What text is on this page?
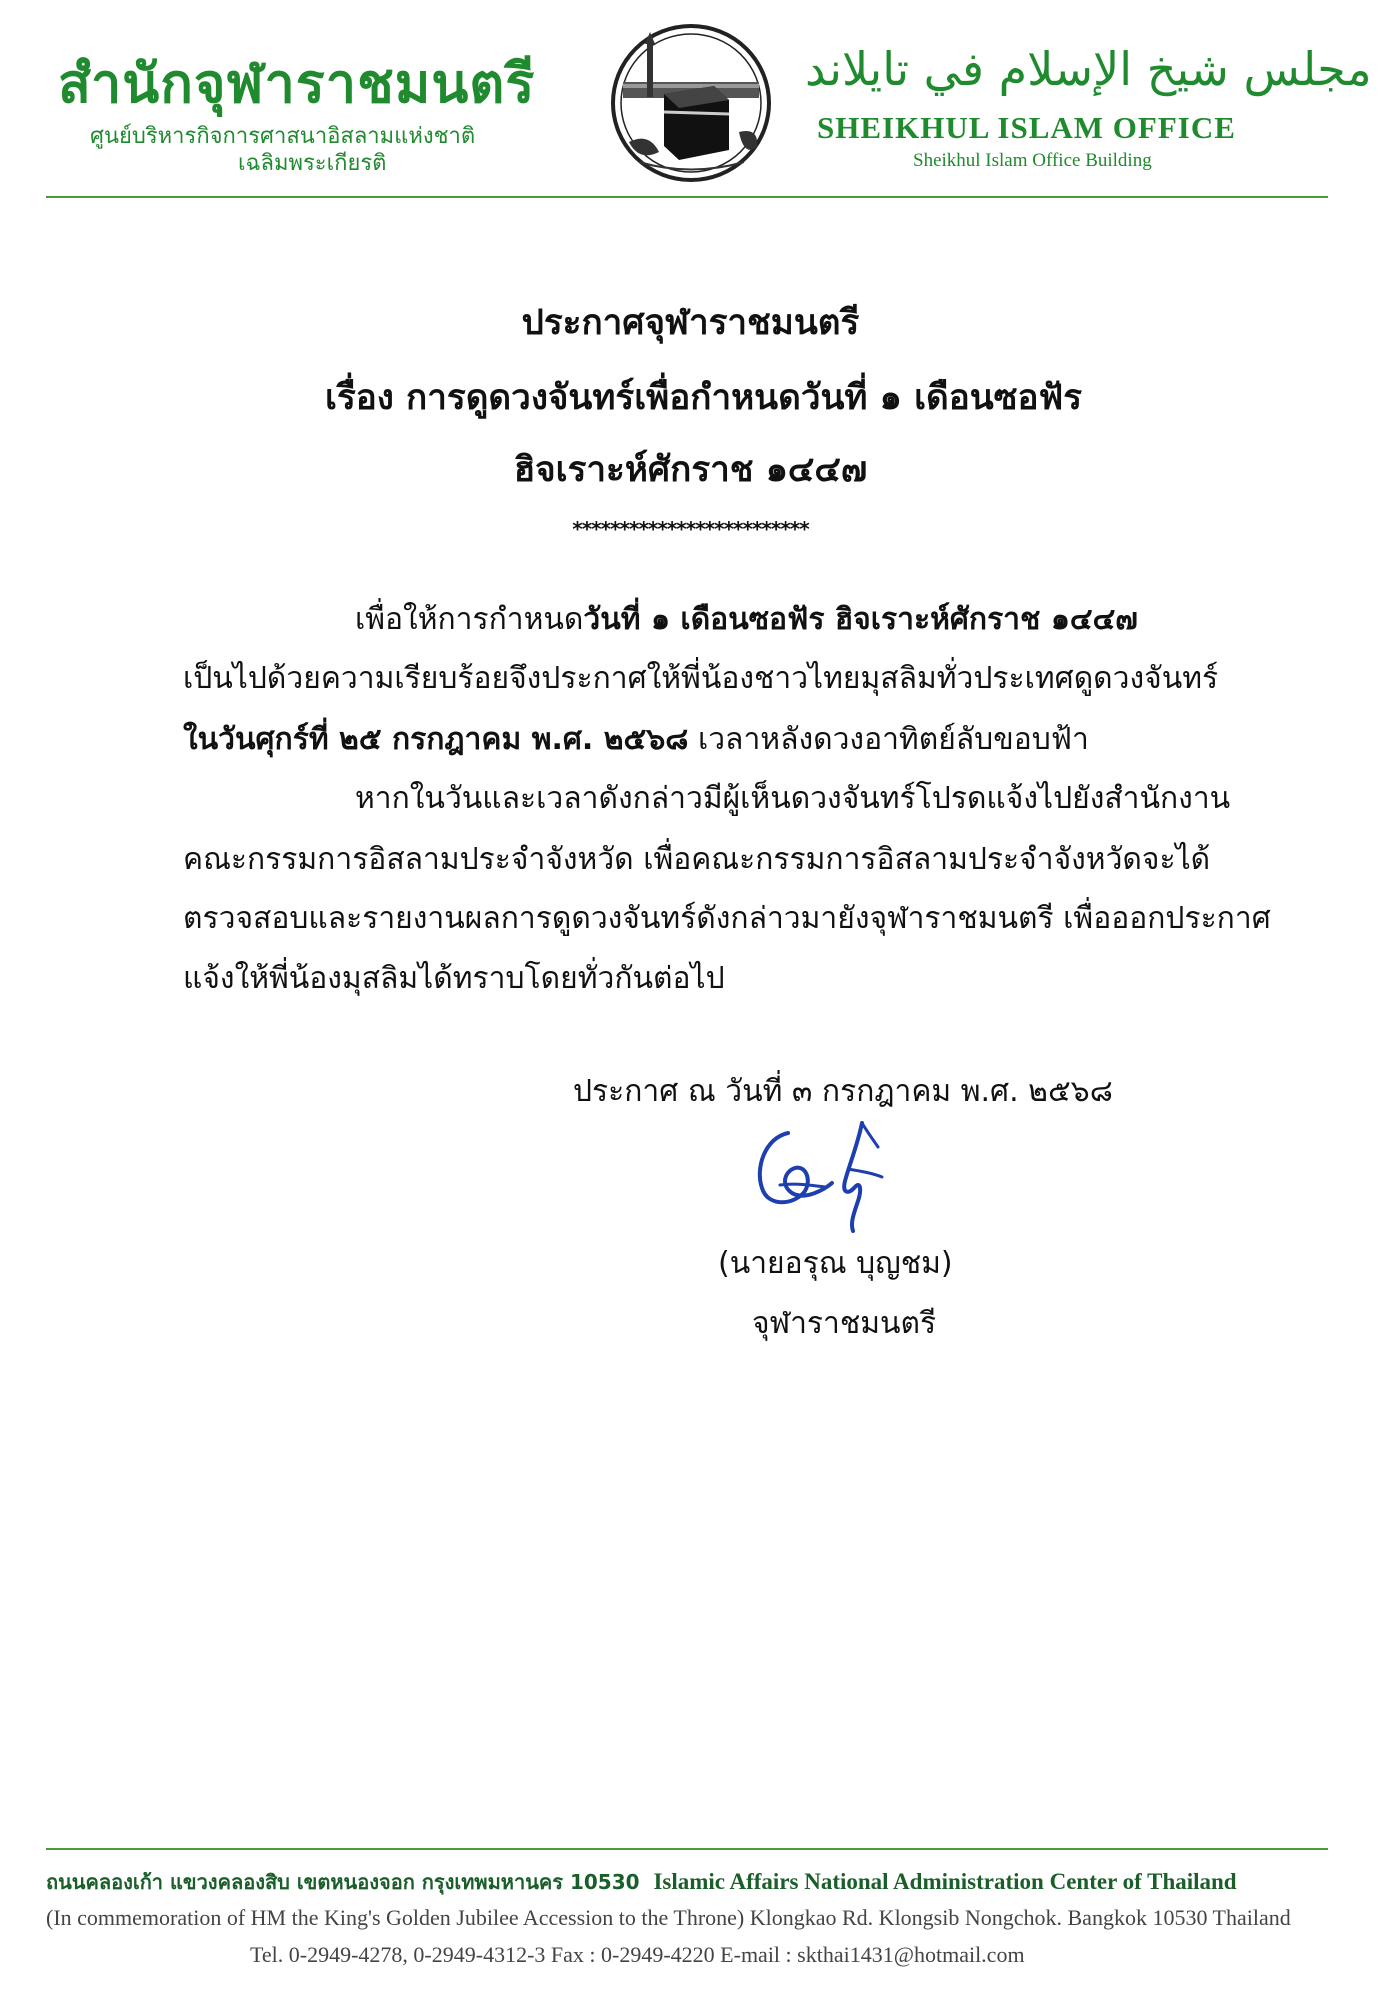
สำนักจุฬาราชมนตรี
ศูนย์บริหารกิจการศาสนาอิสลามแห่งชาติ
เฉลิมพระเกียรติ
مجلس شيخ الإسلام في تايلاند
SHEIKHUL ISLAM OFFICE
Sheikhul Islam Office Building
ประกาศจุฬาราชมนตรี
เรื่อง การดูดวงจันทร์เพื่อกำหนดวันที่ ๑ เดือนซอฟัร
ฮิจเราะห์ศักราช ๑๔๔๗
*************************
เพื่อให้การกำหนดวันที่ ๑ เดือนซอฟัร ฮิจเราะห์ศักราช ๑๔๔๗
เป็นไปด้วยความเรียบร้อยจึงประกาศให้พี่น้องชาวไทยมุสลิมทั่วประเทศดูดวงจันทร์
ในวันศุกร์ที่ ๒๕ กรกฎาคม พ.ศ. ๒๕๖๘ เวลาหลังดวงอาทิตย์ลับขอบฟ้า
หากในวันและเวลาดังกล่าวมีผู้เห็นดวงจันทร์โปรดแจ้งไปยังสำนักงาน
คณะกรรมการอิสลามประจำจังหวัด เพื่อคณะกรรมการอิสลามประจำจังหวัดจะได้
ตรวจสอบและรายงานผลการดูดวงจันทร์ดังกล่าวมายังจุฬาราชมนตรี เพื่อออกประกาศ
แจ้งให้พี่น้องมุสลิมได้ทราบโดยทั่วกันต่อไป
ประกาศ ณ วันที่ ๓ กรกฎาคม พ.ศ. ๒๕๖๘
(นายอรุณ บุญชม)
จุฬาราชมนตรี
ถนนคลองเก้า แขวงคลองสิบ เขตหนองจอก กรุงเทพมหานคร 10530 Islamic Affairs National Administration Center of Thailand
(In commemoration of HM the King's Golden Jubilee Accession to the Throne) Klongkao Rd. Klongsib Nongchok. Bangkok 10530 Thailand
Tel. 0-2949-4278, 0-2949-4312-3 Fax : 0-2949-4220 E-mail : skthai1431@hotmail.com
